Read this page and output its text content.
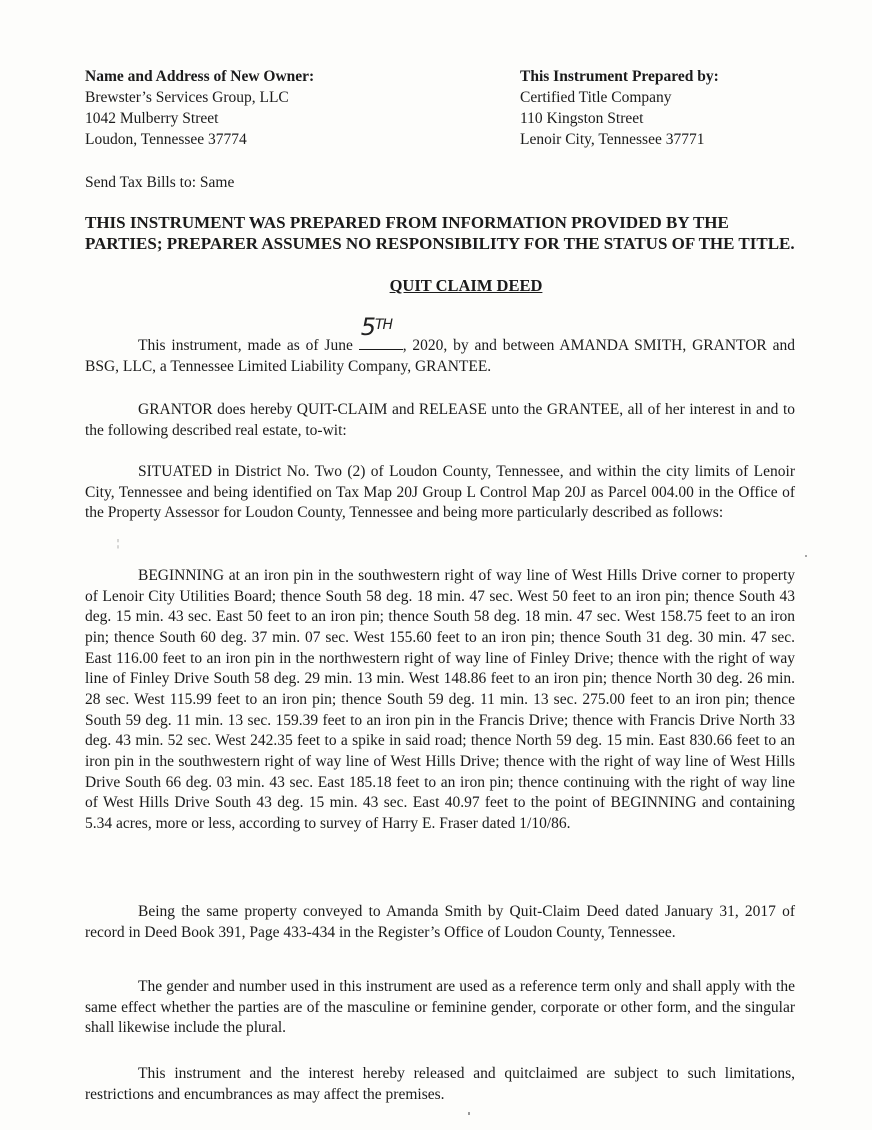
Name and Address of New Owner:
Brewster’s Services Group, LLC
1042 Mulberry Street
Loudon, Tennessee 37774
This Instrument Prepared by:
Certified Title Company
110 Kingston Street
Lenoir City, Tennessee 37771
Send Tax Bills to: Same
THIS INSTRUMENT WAS PREPARED FROM INFORMATION PROVIDED BY THE PARTIES; PREPARER ASSUMES NO RESPONSIBILITY FOR THE STATUS OF THE TITLE.
QUIT CLAIM DEED
This instrument, made as of June
5TH
, 2020, by and between AMANDA SMITH, GRANTOR and BSG, LLC, a Tennessee Limited Liability Company, GRANTEE.
GRANTOR does hereby QUIT-CLAIM and RELEASE unto the GRANTEE, all of her interest in and to the following described real estate, to-wit:
SITUATED in District No. Two (2) of Loudon County, Tennessee, and within the city limits of Lenoir City, Tennessee and being identified on Tax Map 20J Group L Control Map 20J as Parcel 004.00 in the Office of the Property Assessor for Loudon County, Tennessee and being more particularly described as follows:
¦
BEGINNING at an iron pin in the southwestern right of way line of West Hills Drive corner to property of Lenoir City Utilities Board; thence South 58 deg. 18 min. 47 sec. West 50 feet to an iron pin; thence South 43 deg. 15 min. 43 sec. East 50 feet to an iron pin; thence South 58 deg. 18 min. 47 sec. West 158.75 feet to an iron pin; thence South 60 deg. 37 min. 07 sec. West 155.60 feet to an iron pin; thence South 31 deg. 30 min. 47 sec. East 116.00 feet to an iron pin in the northwestern right of way line of Finley Drive; thence with the right of way line of Finley Drive South 58 deg. 29 min. 13 min. West 148.86 feet to an iron pin; thence North 30 deg. 26 min. 28 sec. West 115.99 feet to an iron pin; thence South 59 deg. 11 min. 13 sec. 275.00 feet to an iron pin; thence South 59 deg. 11 min. 13 sec. 159.39 feet to an iron pin in the Francis Drive; thence with Francis Drive North 33 deg. 43 min. 52 sec. West 242.35 feet to a spike in said road; thence North 59 deg. 15 min. East 830.66 feet to an iron pin in the southwestern right of way line of West Hills Drive; thence with the right of way line of West Hills Drive South 66 deg. 03 min. 43 sec. East 185.18 feet to an iron pin; thence continuing with the right of way line of West Hills Drive South 43 deg. 15 min. 43 sec. East 40.97 feet to the point of BEGINNING and containing 5.34 acres, more or less, according to survey of Harry E. Fraser dated 1/10/86.
Being the same property conveyed to Amanda Smith by Quit-Claim Deed dated January 31, 2017 of record in Deed Book 391, Page 433-434 in the Register’s Office of Loudon County, Tennessee.
The gender and number used in this instrument are used as a reference term only and shall apply with the same effect whether the parties are of the masculine or feminine gender, corporate or other form, and the singular shall likewise include the plural.
This instrument and the interest hereby released and quitclaimed are subject to such limitations, restrictions and encumbrances as may affect the premises.
